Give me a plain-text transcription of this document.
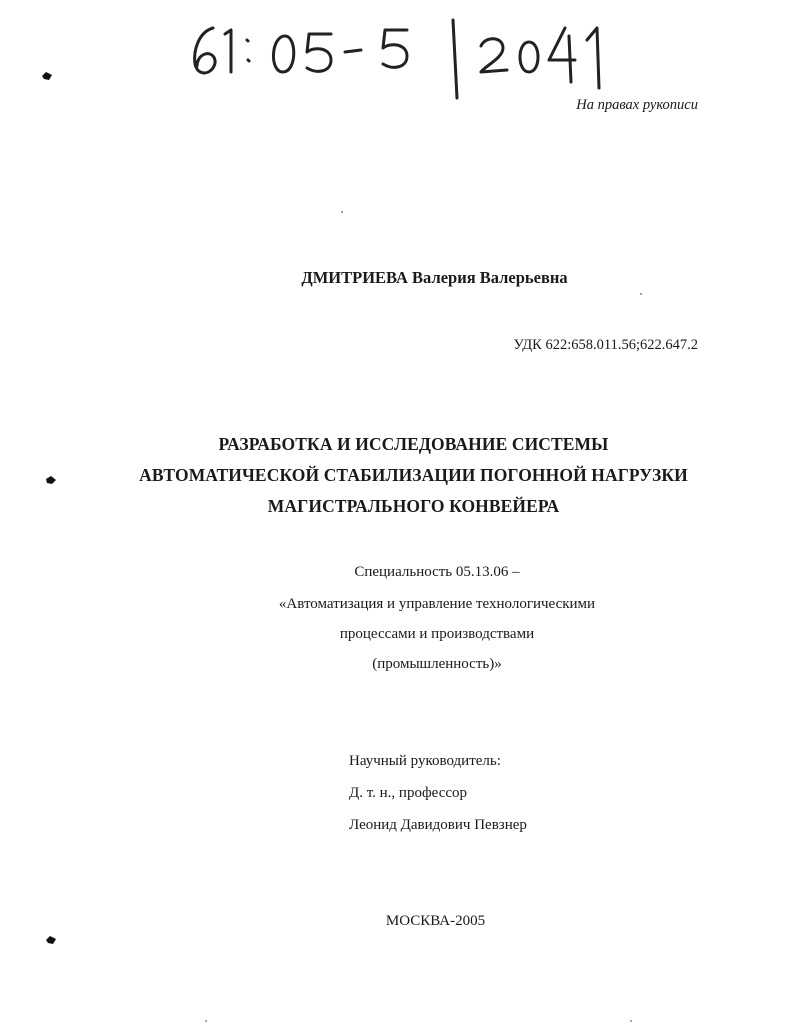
На правах рукописи
ДМИТРИЕВА Валерия Валерьевна
УДК 622:658.011.56;622.647.2
РАЗРАБОТКА И ИССЛЕДОВАНИЕ СИСТЕМЫ
АВТОМАТИЧЕСКОЙ СТАБИЛИЗАЦИИ ПОГОННОЙ НАГРУЗКИ
МАГИСТРАЛЬНОГО КОНВЕЙЕРА
Специальность 05.13.06 –
«Автоматизация и управление технологическими
процессами и производствами
(промышленность)»
Научный руководитель:
Д. т. н., профессор
Леонид Давидович Певзнер
МОСКВА-2005
